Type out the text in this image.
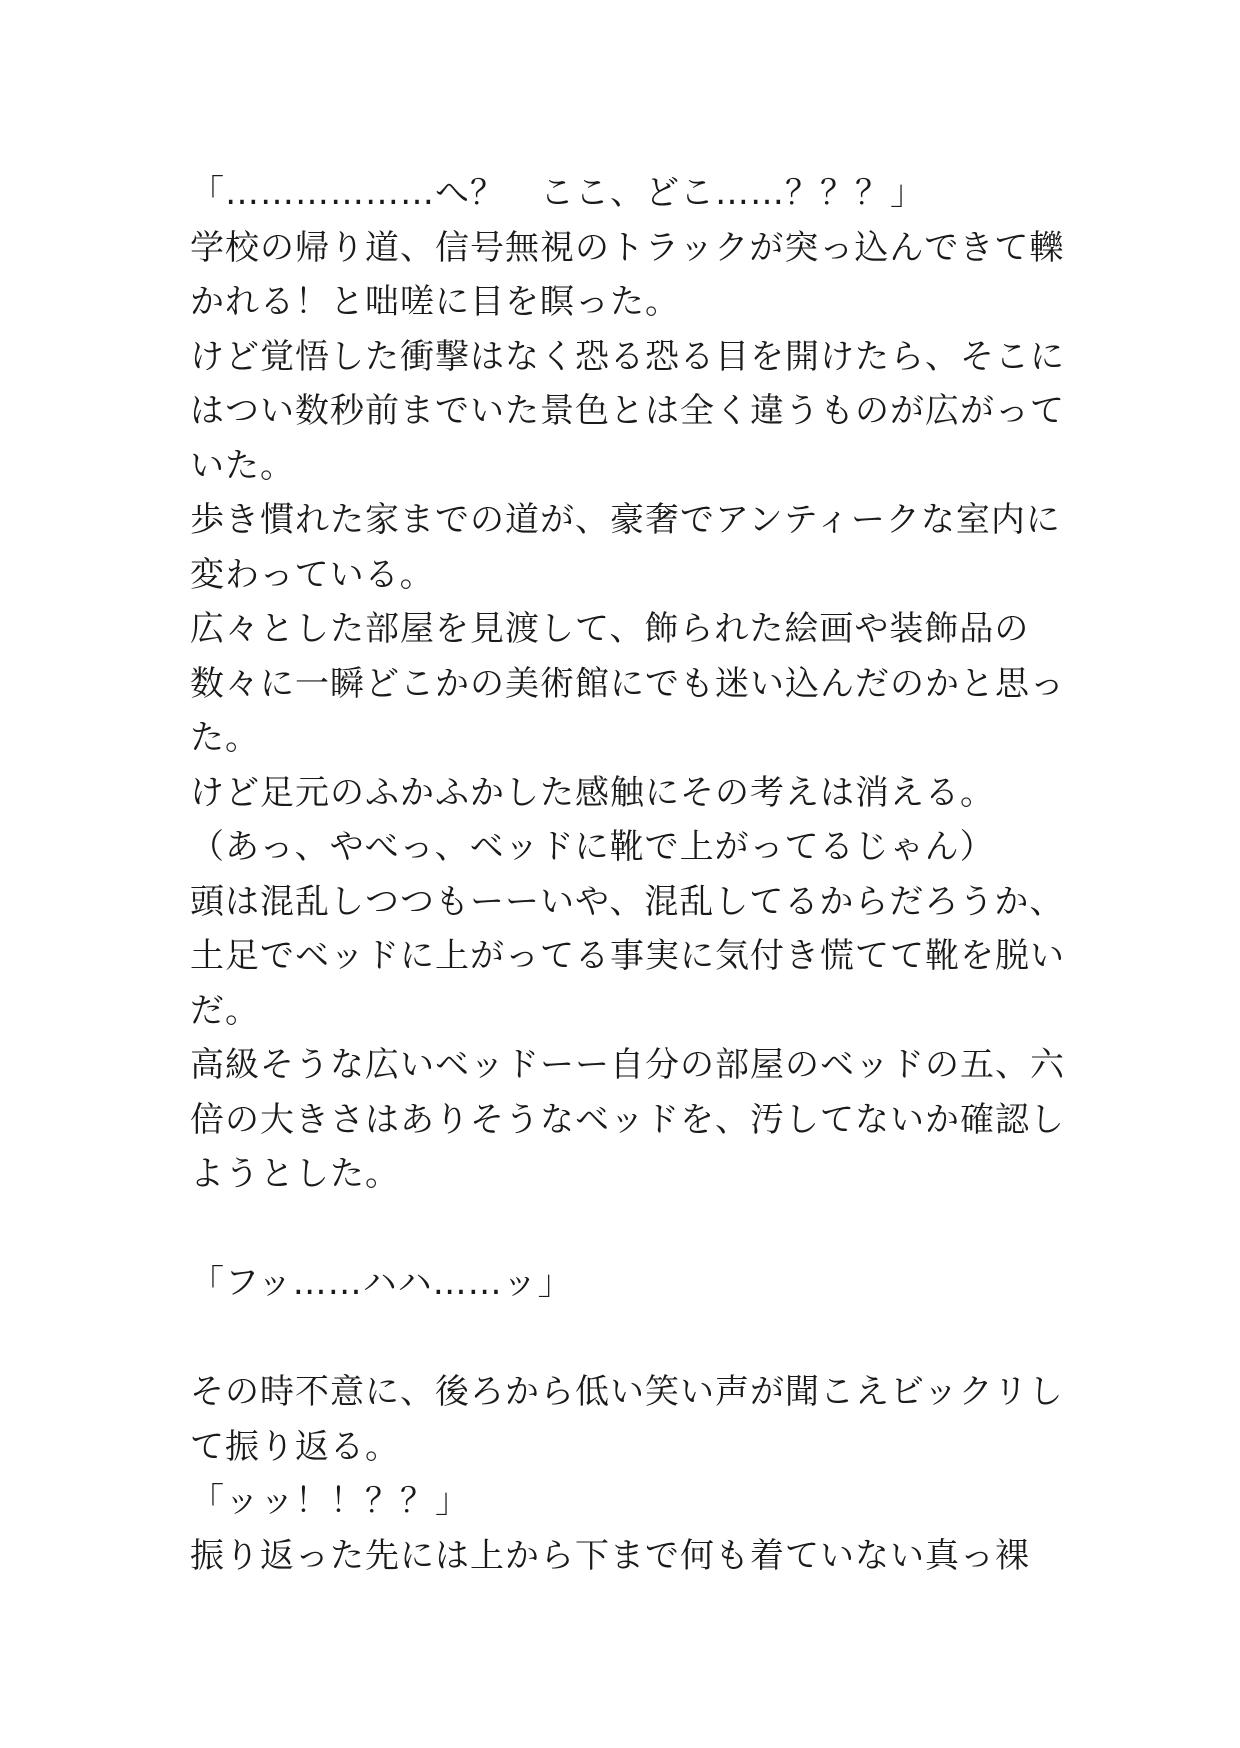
「………………へ？　ここ、どこ……？？？」
学校の帰り道、信号無視のトラックが突っ込んできて轢
かれる！と咄嗟に目を瞑った。
けど覚悟した衝撃はなく恐る恐る目を開けたら、そこに
はつい数秒前までいた景色とは全く違うものが広がって
いた。
歩き慣れた家までの道が、豪奢でアンティークな室内に
変わっている。
広々とした部屋を見渡して、飾られた絵画や装飾品の
数々に一瞬どこかの美術館にでも迷い込んだのかと思っ
た。
けど足元のふかふかした感触にその考えは消える。
（あっ、やべっ、ベッドに靴で上がってるじゃん）
頭は混乱しつつもーーいや、混乱してるからだろうか、
土足でベッドに上がってる事実に気付き慌てて靴を脱い
だ。
高級そうな広いベッドーー自分の部屋のベッドの五、六
倍の大きさはありそうなベッドを、汚してないか確認し
ようとした。
「フッ……ハハ……ッ」
その時不意に、後ろから低い笑い声が聞こえビックリし
て振り返る。
「ッッ！！？？」
振り返った先には上から下まで何も着ていない真っ裸
